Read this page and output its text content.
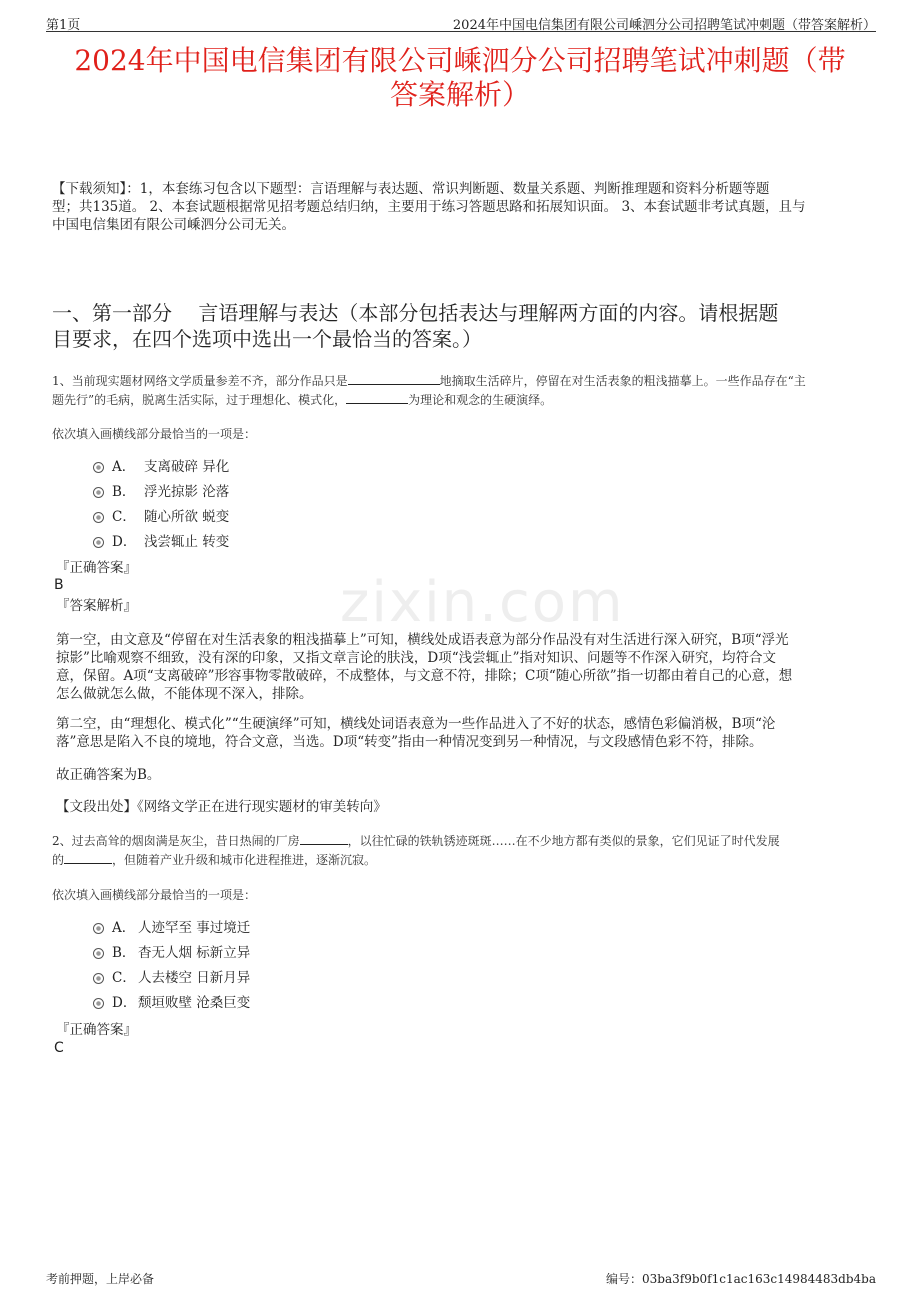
第1页	2024年中国电信集团有限公司嵊泗分公司招聘笔试冲刺题（带答案解析）
2024年中国电信集团有限公司嵊泗分公司招聘笔试冲刺题（带
答案解析）
zixin.com
【下载须知】：1，本套练习包含以下题型：言语理解与表达题、常识判断题、数量关系题、判断推理题和资料分析题等题
型；共135道。 2、本套试题根据常见招考题总结归纳，主要用于练习答题思路和拓展知识面。 3、本套试题非考试真题，且与
中国电信集团有限公司嵊泗分公司无关。
一、第一部分　 言语理解与表达（本部分包括表达与理解两方面的内容。请根据题
目要求，在四个选项中选出一个最恰当的答案。）
1、当前现实题材网络文学质量参差不齐，部分作品只是	地摘取生活碎片，停留在对生活表象的粗浅描摹上。一些作品存在“主
题先行”的毛病，脱离生活实际，过于理想化、模式化，	为理论和观念的生硬演绎。
依次填入画横线部分最恰当的一项是：
A． 支离破碎 异化
B． 浮光掠影 沦落
C． 随心所欲 蜕变
D． 浅尝辄止 转变
『正确答案』
B
『答案解析』
第一空，由文意及“停留在对生活表象的粗浅描摹上”可知，横线处成语表意为部分作品没有对生活进行深入研究，B项“浮光
掠影”比喻观察不细致，没有深的印象，又指文章言论的肤浅，D项“浅尝辄止”指对知识、问题等不作深入研究，均符合文
意，保留。A项“支离破碎”形容事物零散破碎，不成整体，与文意不符，排除；C项“随心所欲”指一切都由着自己的心意，想
怎么做就怎么做，不能体现不深入，排除。
第二空，由“理想化、模式化”“生硬演绎”可知，横线处词语表意为一些作品进入了不好的状态，感情色彩偏消极，B项“沦
落”意思是陷入不良的境地，符合文意，当选。D项“转变”指由一种情况变到另一种情况，与文段感情色彩不符，排除。
故正确答案为B。
【文段出处】《网络文学正在进行现实题材的审美转向》
2、过去高耸的烟囱满是灰尘，昔日热闹的厂房	，以往忙碌的铁轨锈迹斑斑……在不少地方都有类似的景象，它们见证了时代发展
的	，但随着产业升级和城市化进程推进，逐渐沉寂。
依次填入画横线部分最恰当的一项是：
A． 人迹罕至 事过境迁
B． 杳无人烟 标新立异
C． 人去楼空 日新月异
D． 颓垣败壁 沧桑巨变
『正确答案』
C
考前押题，上岸必备	编号：03ba3f9b0f1c1ac163c14984483db4ba
